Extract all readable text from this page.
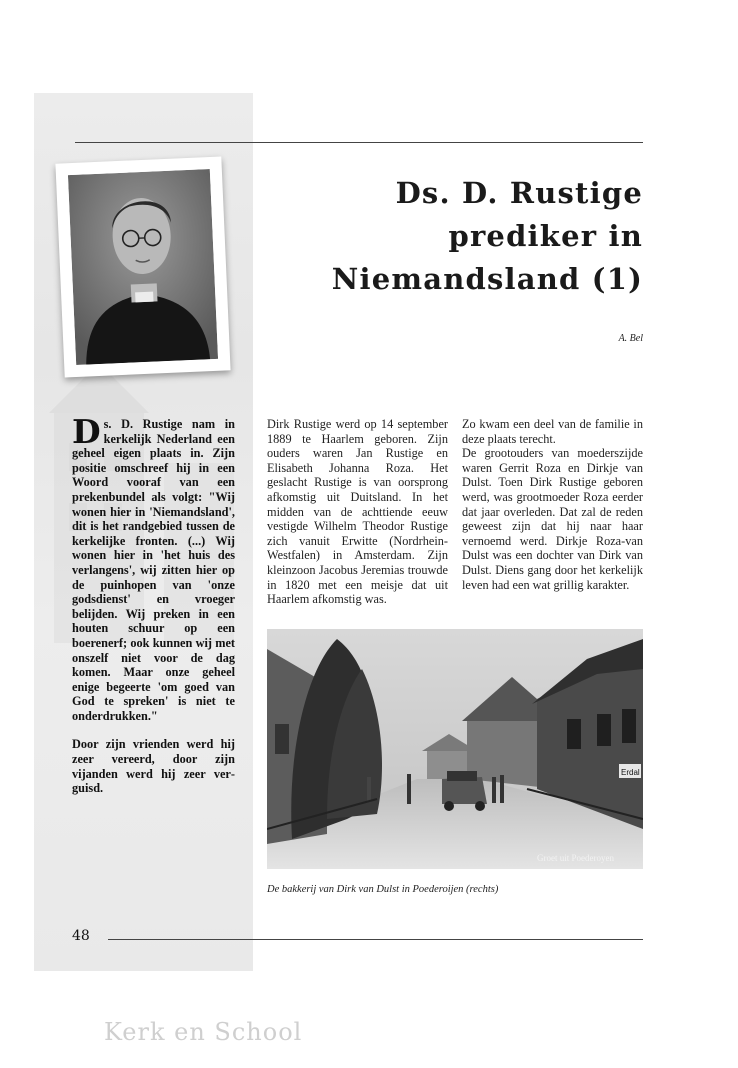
Kerk en School
Ds. D. Rustige
prediker in
Niemandsland (1)
A. Bel

D s. D. Rustige nam in kerkelijk Nederland een geheel eigen plaats in. Zijn positie omschreef hij in een Woord vooraf van een prekenbundel als volgt: "Wij wonen hier in 'Niemandsland', dit is het randgebied tussen de kerkelijke fronten. (...) Wij wonen hier in 'het huis des verlangens', wij zitten hier op de puinhopen van 'onze godsdienst' en vroeger belijden. Wij preken in een houten schuur op een boerenerf; ook kunnen wij met onszelf niet voor de dag komen. Maar onze geheel enige begeerte 'om goed van God te spreken' is niet te onderdrukken."

Door zijn vrienden werd hij zeer vereerd, door zijn vijanden werd hij zeer verguisd.

Dirk Rustige werd op 14 september 1889 te Haarlem geboren. Zijn ouders waren Jan Rustige en Elisabeth Johanna Roza. Het geslacht Rustige is van oorsprong afkomstig uit Duitsland. In het midden van de achttiende eeuw vestigde Wilhelm Theodor Rustige zich vanuit Erwitte (Nordrhein-Westfalen) in Amsterdam. Zijn kleinzoon Jacobus Jeremias trouwde in 1820 met een meisje dat uit Haarlem afkomstig was.

Zo kwam een deel van de familie in deze plaats terecht.

De grootouders van moederszijde waren Gerrit Roza en Dirkje van Dulst. Toen Dirk Rustige geboren werd, was grootmoeder Roza eerder dat jaar overleden. Dat zal de reden geweest zijn dat hij naar haar vernoemd werd. Dirkje Roza-van Dulst was een dochter van Dirk van Dulst. Diens gang door het kerkelijk leven had een wat grillig karakter.

Erdal
Groet uit Poederoyen
De bakkerij van Dirk van Dulst in Poederoijen (rechts)
48
